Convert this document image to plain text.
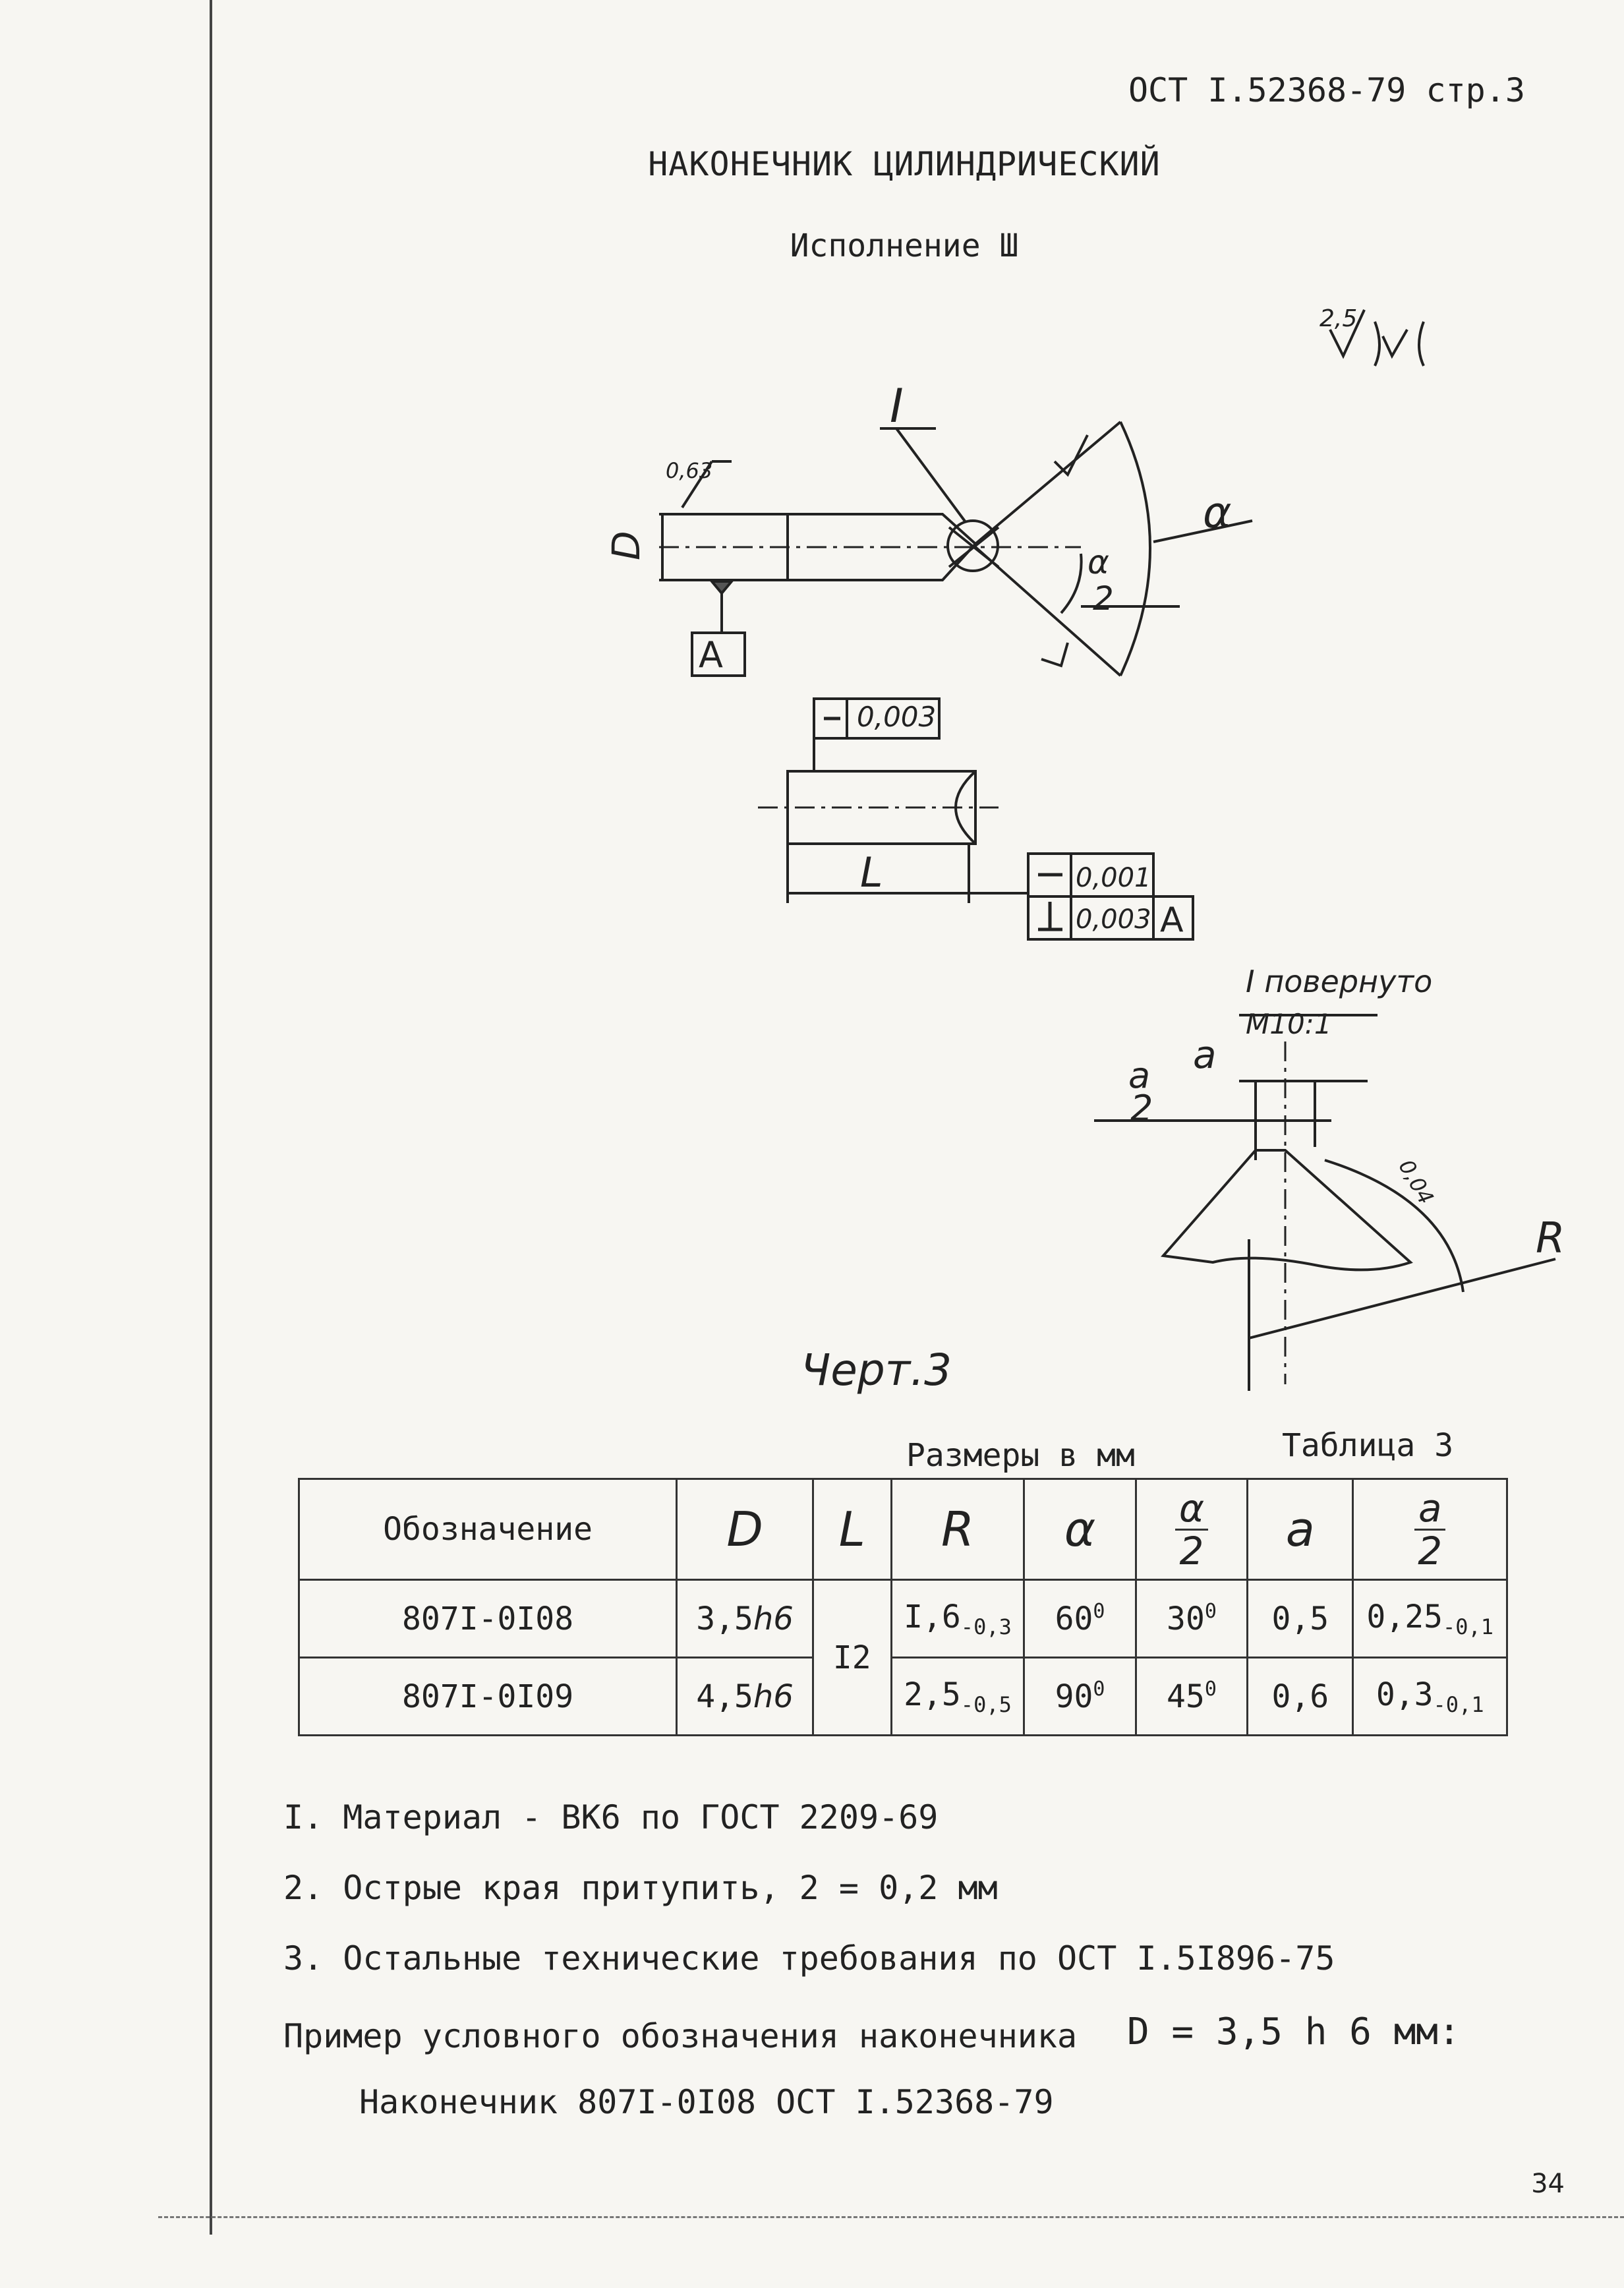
ОСТ I.52368-79 стр.3
НАКОНЕЧНИК ЦИЛИНДРИЧЕСКИЙ
Исполнение Ш
I
0,63
A
D
α
α
2
2,5
0,003
L	0,001
0,003 A
I повернуто
M10:1
a
a
2
0,04
R
Черт.3
Размеры в мм	Таблица 3
Обозначение	D	L	R	α	$\frac{\alpha}{2}$	a	$\frac{a}{2}$

807I-0I08	3,5h6	I2	$I,6_{-0,3}$	$60^0$	$30^0$	0,5	$0,25_{-0,1}$
807I-0I09	4,5h6		$2,5_{-0,5}$	$90^0$	$45^0$	0,6	$0,3_{-0,1}$
I. Материал - ВК6 по ГОСТ 2209-69
2. Острые края притупить, 2 = 0,2 мм
3. Остальные технические требования по ОСТ I.5I896-75
Пример условного обозначения наконечника D = 3,5 h 6 мм:
Наконечник 807I-0I08 ОСТ I.52368-79
34
